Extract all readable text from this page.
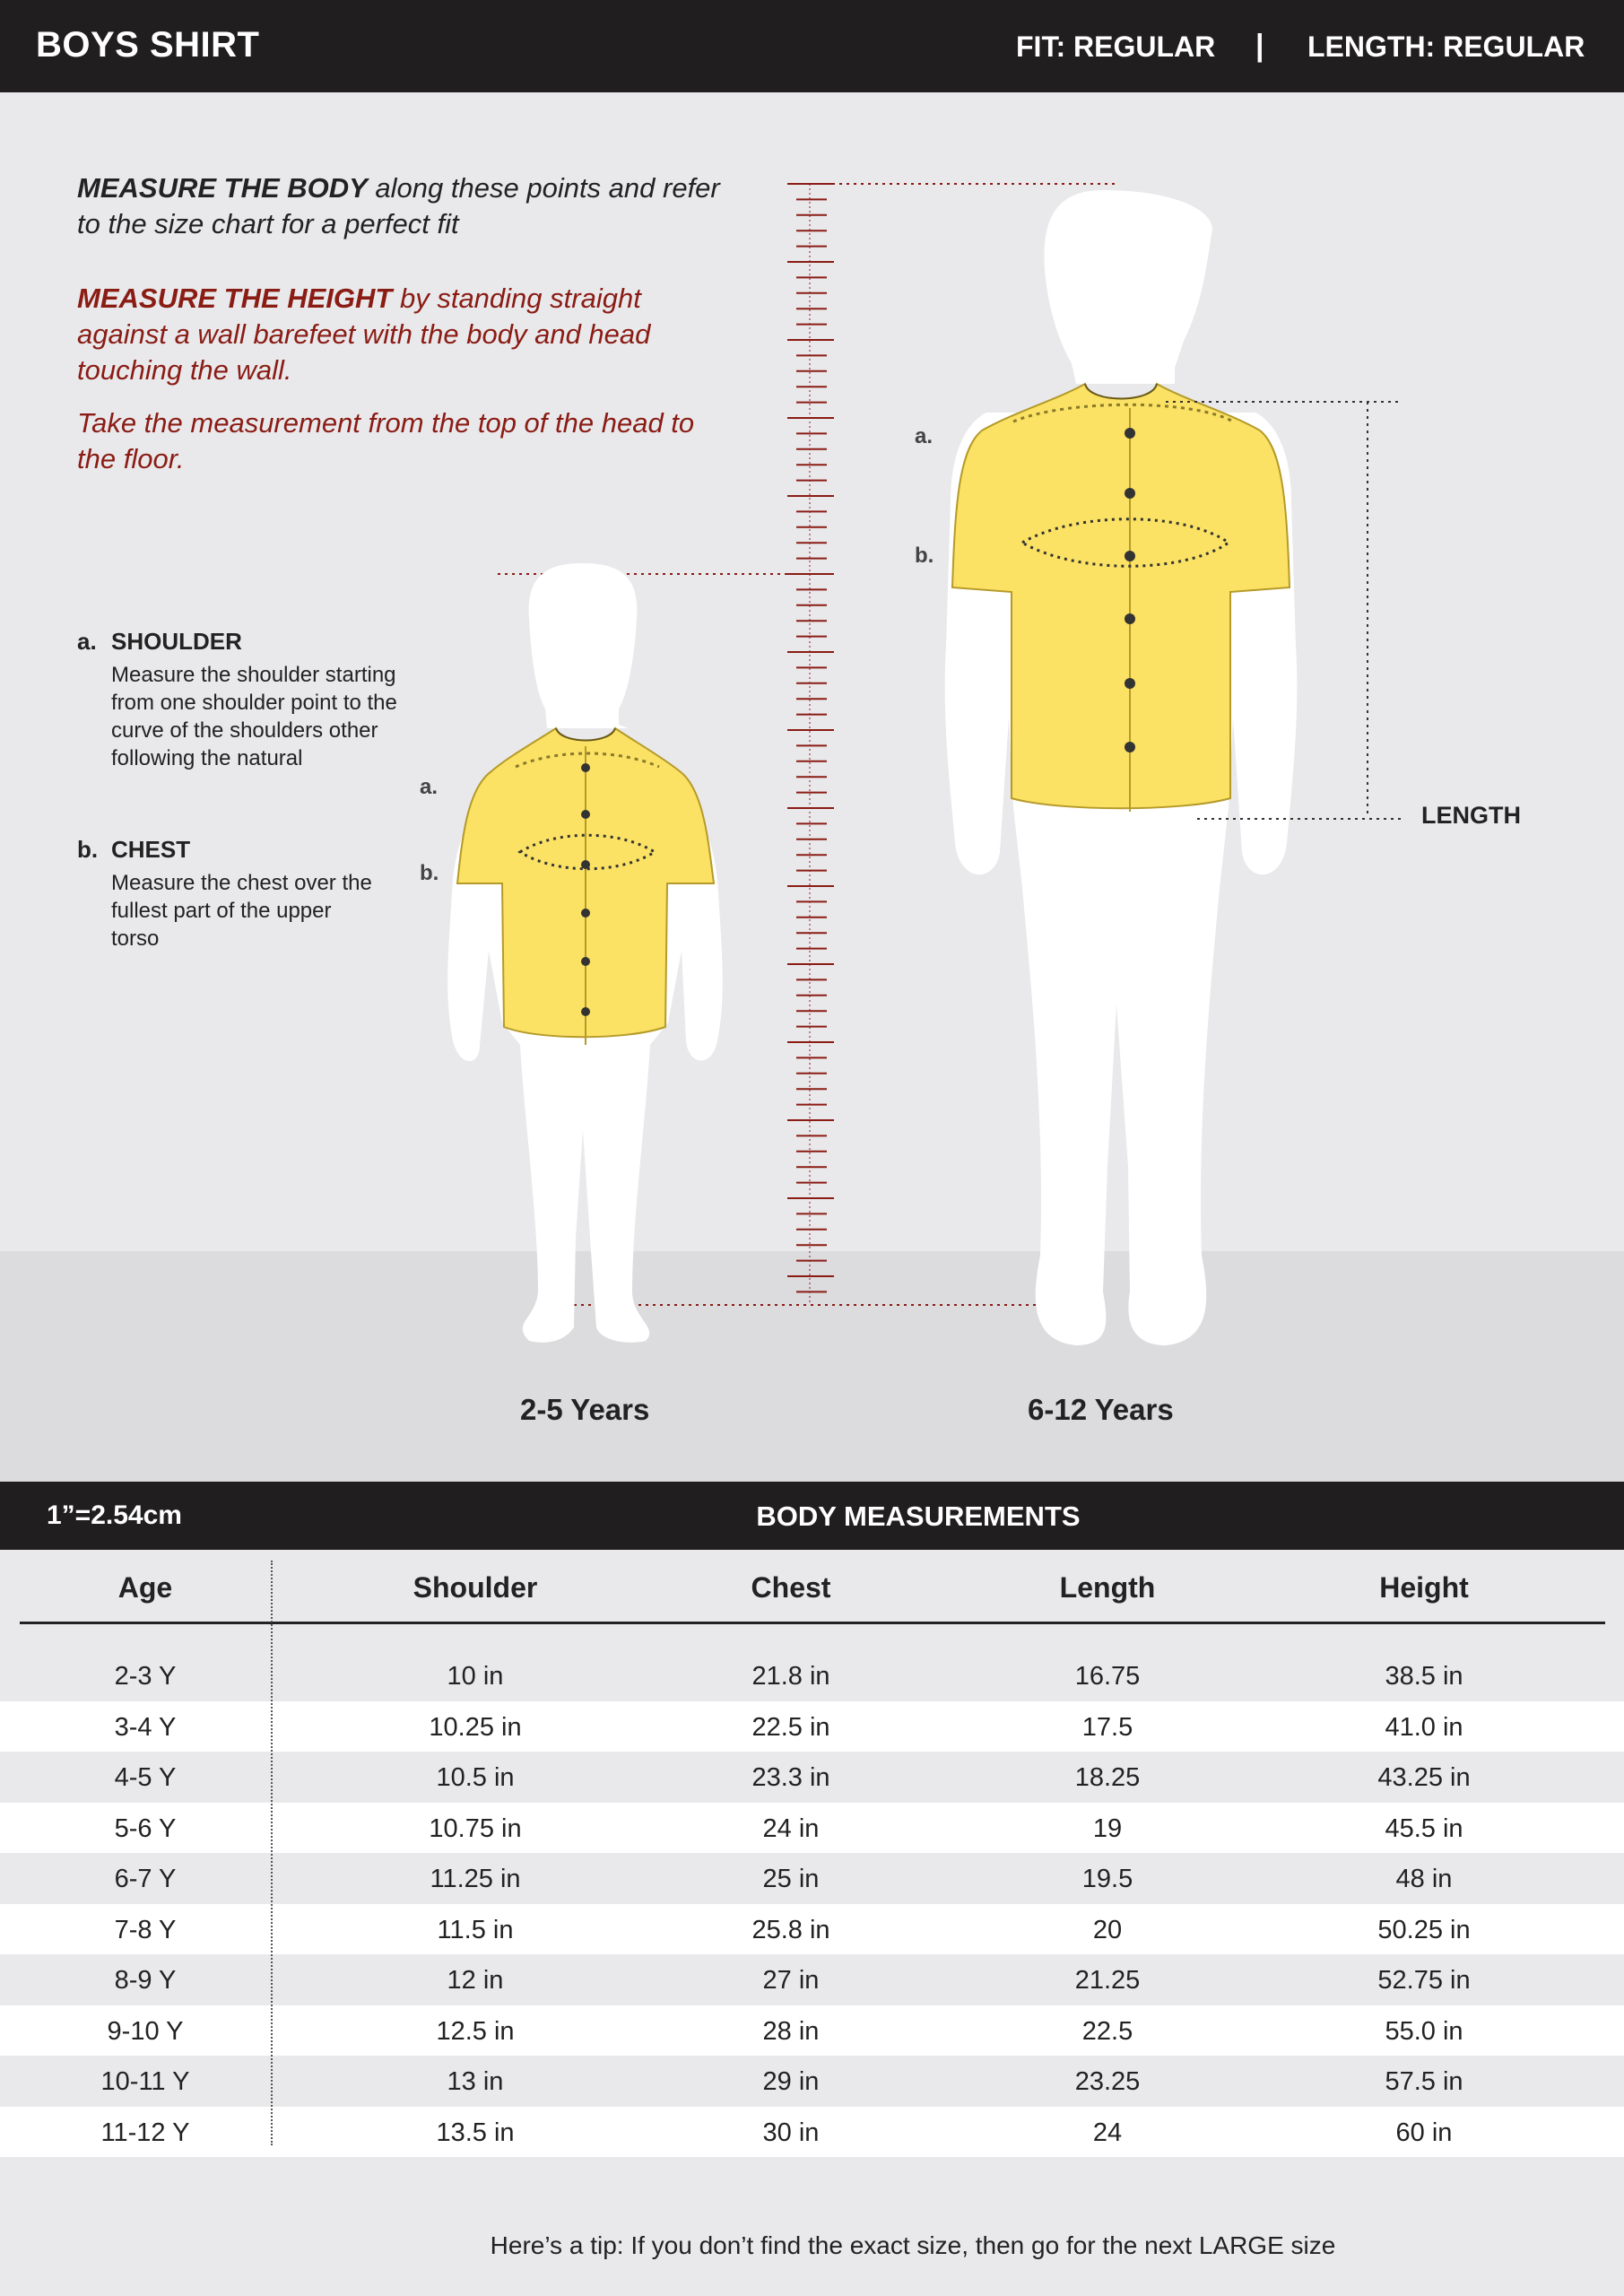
BOYS SHIRT	FIT: REGULAR | LENGTH: REGULAR
MEASURE THE BODY along these points and refer to the size chart for a perfect fit
MEASURE THE HEIGHT by standing straight against a wall barefeet with the body and head touching the wall.
Take the measurement from the top of the head to the floor.
a. SHOULDER
Measure the shoulder starting from one shoulder point to the curve of the shoulders other following the natural
b. CHEST
Measure the chest over the fullest part of the upper torso
a.
b.
a.
b.
LENGTH
2-5 Years	6-12 Years
1”=2.54cm	BODY MEASUREMENTS
Age	Shoulder	Chest	Length	Height
2-3 Y	10 in	21.8 in	16.75	38.5 in
3-4 Y	10.25 in	22.5 in	17.5	41.0 in
4-5 Y	10.5 in	23.3 in	18.25	43.25 in
5-6 Y	10.75 in	24 in	19	45.5 in
6-7 Y	11.25 in	25 in	19.5	48 in
7-8 Y	11.5 in	25.8 in	20	50.25 in
8-9 Y	12 in	27 in	21.25	52.75 in
9-10 Y	12.5 in	28 in	22.5	55.0 in
10-11 Y	13 in	29 in	23.25	57.5 in
11-12 Y	13.5 in	30 in	24	60 in
Here’s a tip: If you don’t find the exact size, then go for the next LARGE size
